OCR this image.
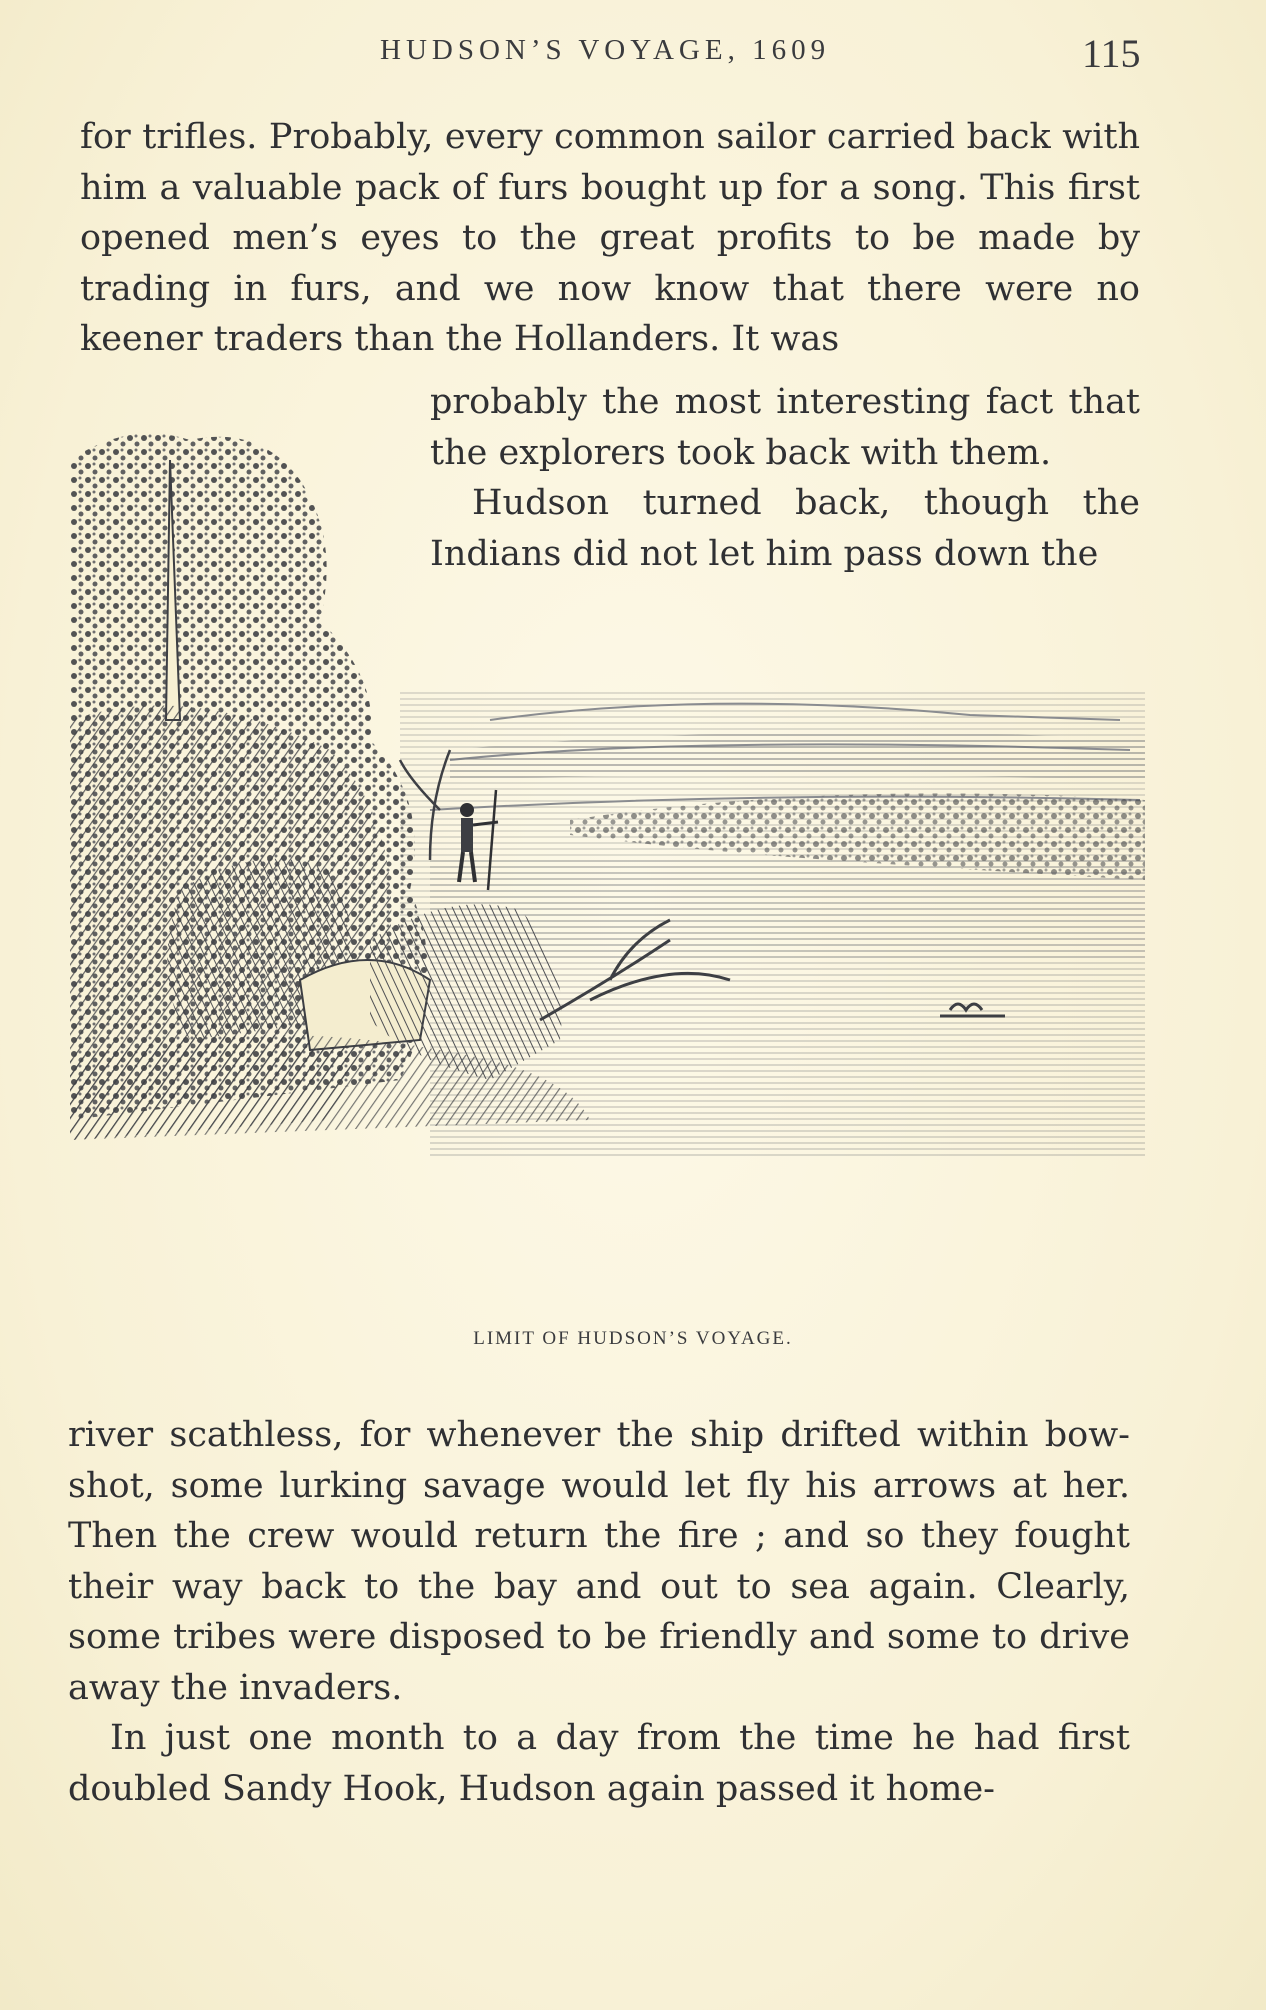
HUDSON’S VOYAGE, 1609	115

for trifles. Probably, every common sailor carried back with him a valuable pack of furs bought up for a song. This first opened men’s eyes to the great profits to be made by trading in furs, and we now know that there were no keener traders than the Hollanders. It was

probably the most interesting fact that the explorers took back with them.

Hudson turned back, though the Indians did not let him pass down the

LIMIT OF HUDSON’S VOYAGE.

river scathless, for whenever the ship drifted within bow-shot, some lurking savage would let fly his arrows at her. Then the crew would return the fire ; and so they fought their way back to the bay and out to sea again. Clearly, some tribes were disposed to be friendly and some to drive away the invaders.

In just one month to a day from the time he had first doubled Sandy Hook, Hudson again passed it home-
